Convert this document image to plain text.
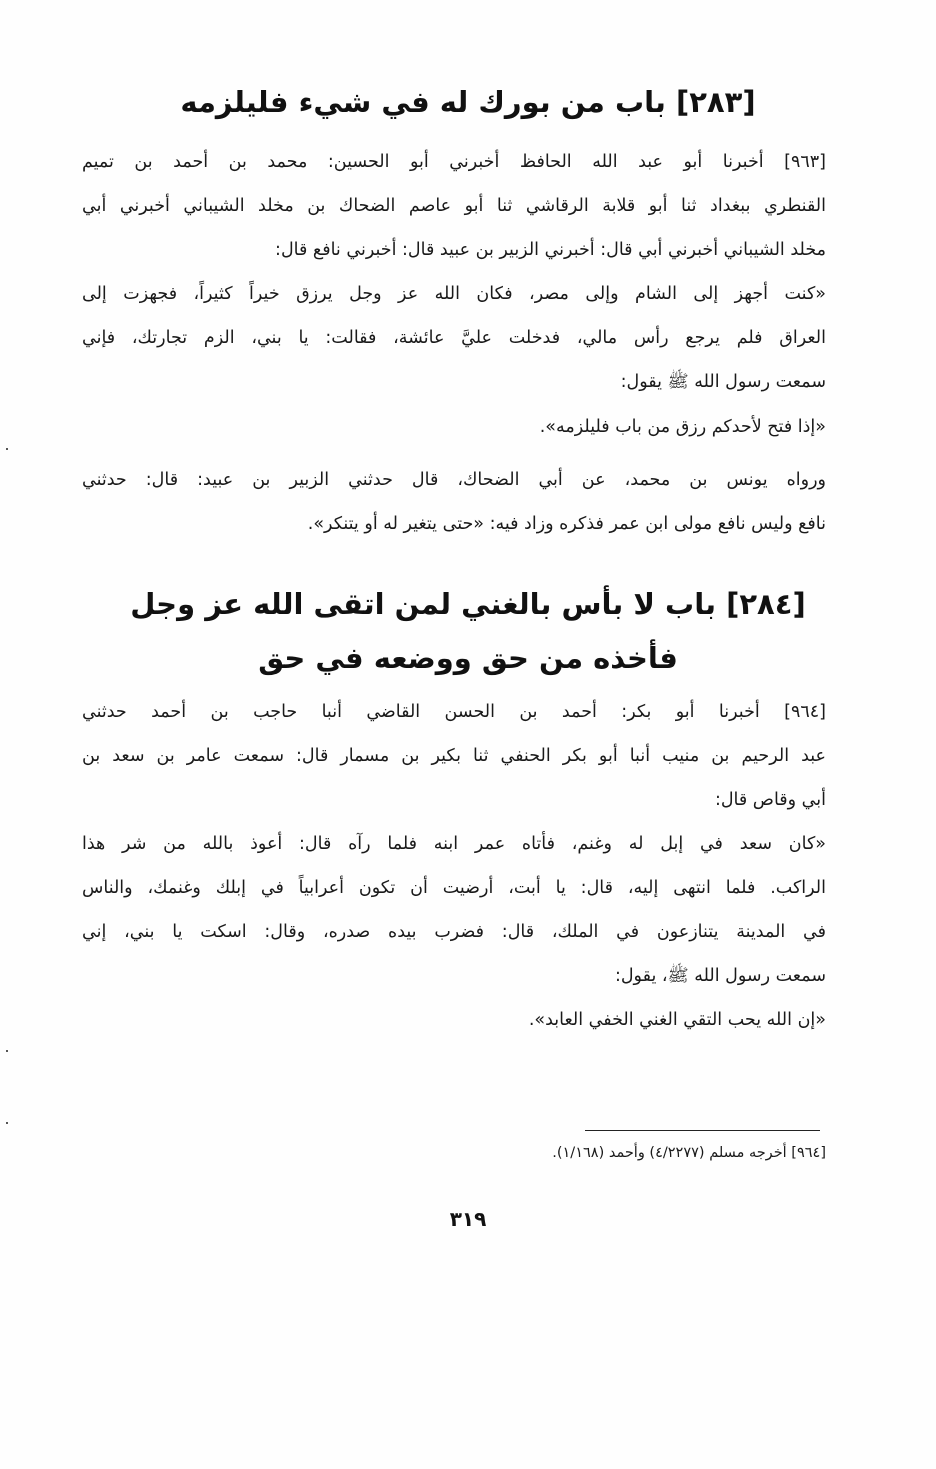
[٢٨٣] باب من بورك له في شيء فليلزمه
[٩٦٣] أخبرنا أبو عبد الله الحافظ أخبرني أبو الحسين: محمد بن أحمد بن تميم
القنطري ببغداد ثنا أبو قلابة الرقاشي ثنا أبو عاصم الضحاك بن مخلد الشيباني أخبرني أبي
مخلد الشيباني أخبرني أبي قال: أخبرني الزبير بن عبيد قال: أخبرني نافع قال:
«كنت أجهز إلى الشام وإلى مصر، فكان الله عز وجل يرزق خيراً كثيراً، فجهزت إلى
العراق فلم يرجع رأس مالي، فدخلت عليَّ عائشة، فقالت: يا بني، الزم تجارتك، فإني
سمعت رسول الله ﷺ يقول:
«إذا فتح لأحدكم رزق من باب فليلزمه».
ورواه يونس بن محمد، عن أبي الضحاك، قال حدثني الزبير بن عبيد: قال: حدثني
نافع وليس نافع مولى ابن عمر فذكره وزاد فيه: «حتى يتغير له أو يتنكر».
[٢٨٤] باب لا بأس بالغني لمن اتقى الله عز وجل
فأخذه من حق ووضعه في حق
[٩٦٤] أخبرنا أبو بكر: أحمد بن الحسن القاضي أنبا حاجب بن أحمد حدثني
عبد الرحيم بن منيب أنبا أبو بكر الحنفي ثنا بكير بن مسمار قال: سمعت عامر بن سعد بن
أبي وقاص قال:
«كان سعد في إبل له وغنم، فأتاه عمر ابنه فلما رآه قال: أعوذ بالله من شر هذا
الراكب. فلما انتهى إليه، قال: يا أبت، أرضيت أن تكون أعرابياً في إبلك وغنمك، والناس
في المدينة يتنازعون في الملك، قال: فضرب بيده صدره، وقال: اسكت يا بني، إني
سمعت رسول الله ﷺ، يقول:
«إن الله يحب التقي الغني الخفي العابد».
[٩٦٤] أخرجه مسلم (٤/٢٢٧٧) وأحمد (١/١٦٨).
٣١٩
